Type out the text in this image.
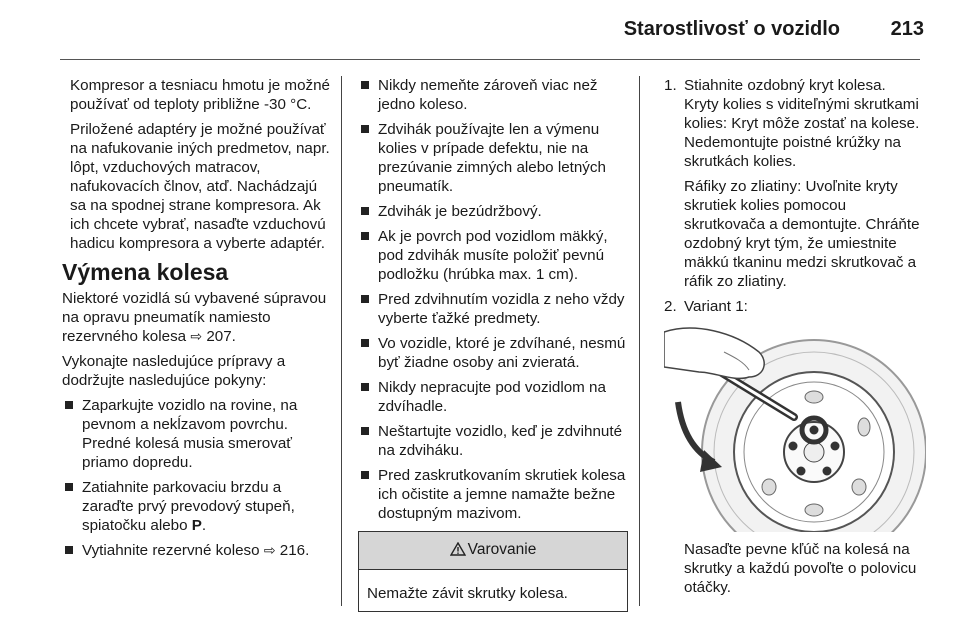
Starostlivosť o vozidlo	213

Kompresor a tesniacu hmotu je možné používať od teploty približne -30 °C.

Priložené adaptéry je možné používať na nafukovanie iných predmetov, napr. lôpt, vzduchových matracov, nafukovacích člnov, atď. Nachádzajú sa na spodnej strane kompresora. Ak ich chcete vybrať, nasaďte vzduchovú hadicu kompresora a vyberte adaptér.

Výmena kolesa

Niektoré vozidlá sú vybavené súpravou na opravu pneumatík namiesto rezervného kolesa ⇨ 207.

Vykonajte nasledujúce prípravy a dodržujte nasledujúce pokyny:

Zaparkujte vozidlo na rovine, na pevnom a nekĺzavom povrchu. Predné kolesá musia smerovať priamo dopredu.
Zatiahnite parkovaciu brzdu a zaraďte prvý prevodový stupeň, spiatočku alebo P.
Vytiahnite rezervné koleso ⇨ 216.
Nikdy nemeňte zároveň viac než jedno koleso.
Zdvihák používajte len a výmenu kolies v prípade defektu, nie na prezúvanie zimných alebo letných pneumatík.
Zdvihák je bezúdržbový.
Ak je povrch pod vozidlom mäkký, pod zdvihák musíte položiť pevnú podložku (hrúbka max. 1 cm).
Pred zdvihnutím vozidla z neho vždy vyberte ťažké predmety.
Vo vozidle, ktoré je zdvíhané, nesmú byť žiadne osoby ani zvieratá.
Nikdy nepracujte pod vozidlom na zdvíhadle.
Neštartujte vozidlo, keď je zdvihnuté na zdviháku.
Pred zaskrutkovaním skrutiek kolesa ich očistite a jemne namažte bežne dostupným mazivom.
Varovanie
Nemažte závit skrutky kolesa.
1. Stiahnite ozdobný kryt kolesa.

Kryty kolies s viditeľnými skrutkami kolies: Kryt môže zostať na kolese. Nedemontujte poistné krúžky na skrutkách kolies.

Ráfiky zo zliatiny: Uvoľnite kryty skrutiek kolies pomocou skrutkovača a demontujte. Chráňte ozdobný kryt tým, že umiestnite mäkkú tkaninu medzi skrutkovač a ráfik zo zliatiny.

2. Variant 1:

Nasaďte pevne kľúč na kolesá na skrutky a každú povoľte o polovicu otáčky.
